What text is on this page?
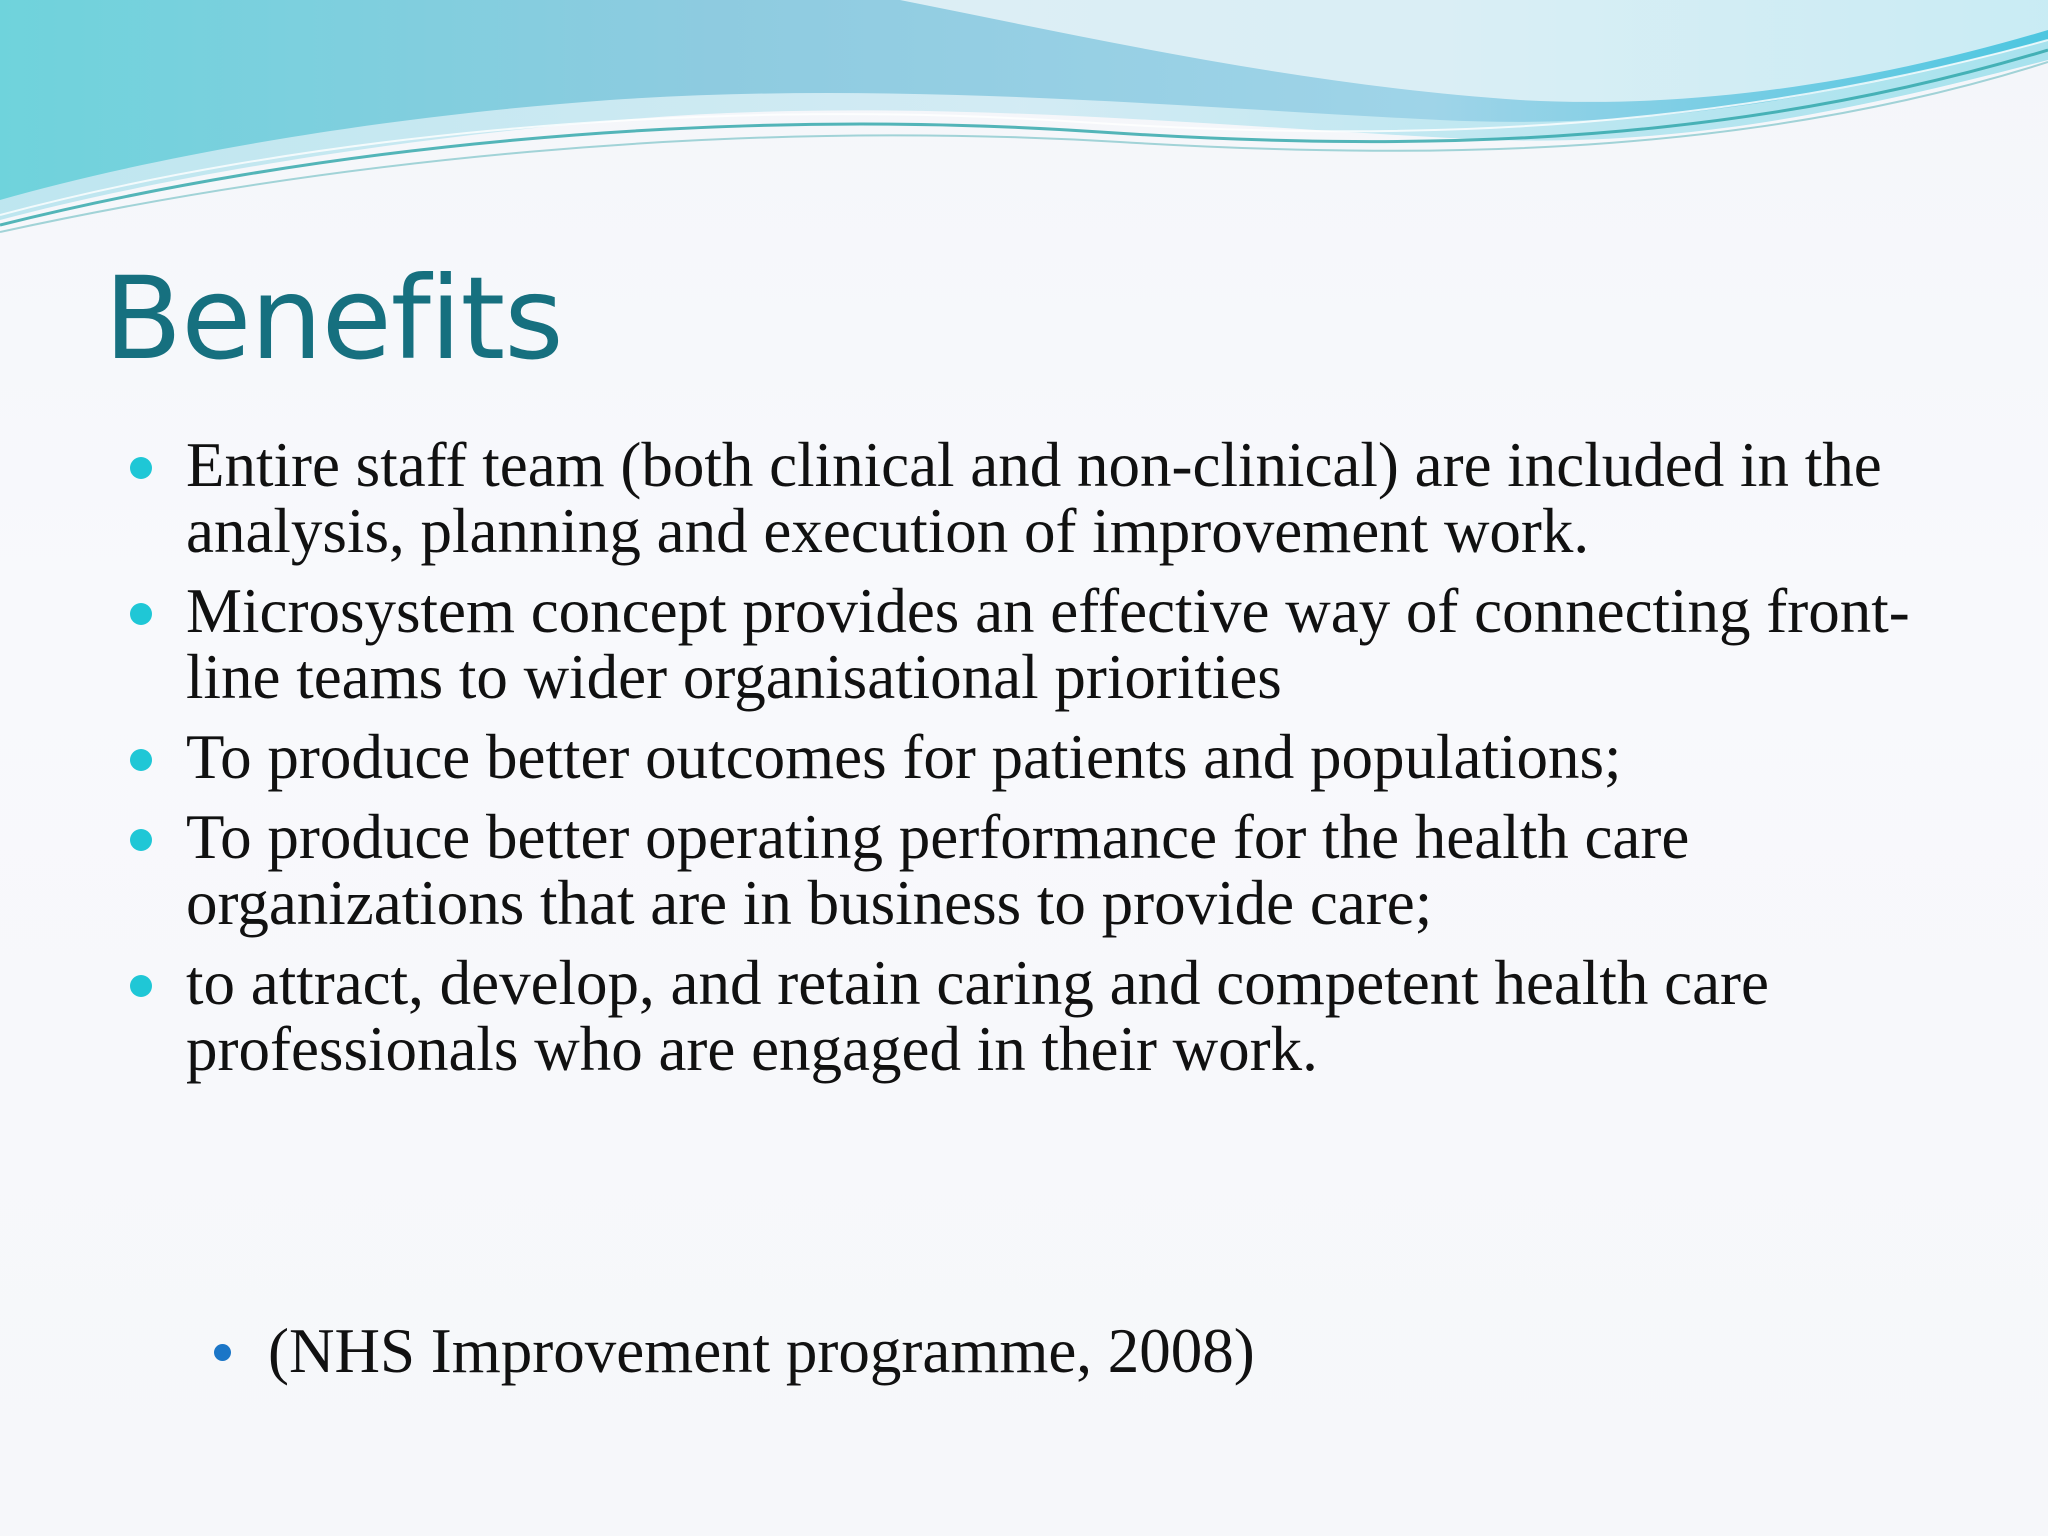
Benefits
Entire staff team (both clinical and non-clinical) are included in the analysis, planning and execution of improvement work.
Microsystem concept provides an effective way of connecting front-line teams to wider organisational priorities
To produce better outcomes for patients and populations;
To produce better operating performance for the health care organizations that are in business to provide care;
to attract, develop, and retain caring and competent health care professionals who are engaged in their work.
(NHS Improvement programme, 2008)
